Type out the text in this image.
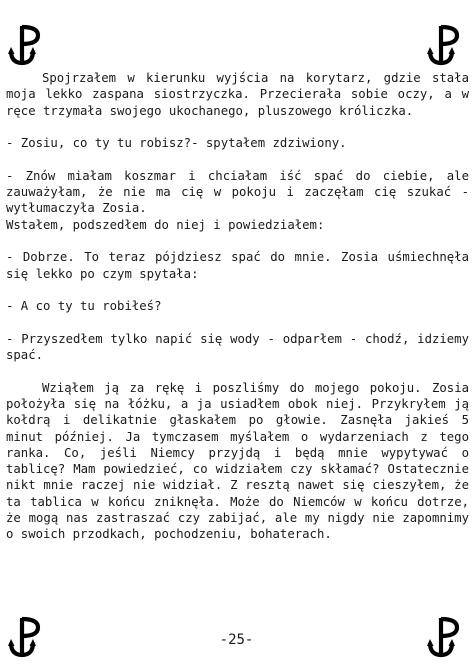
Spojrzałem w kierunku wyjścia na korytarz, gdzie stała moja lekko zaspana siostrzyczka. Przecierała sobie oczy, a w ręce trzymała swojego ukochanego, pluszowego króliczka.

- Zosiu, co ty tu robisz?- spytałem zdziwiony.

- Znów miałam koszmar i chciałam iść spać do ciebie, ale zauważyłam, że nie ma cię w pokoju i zaczęłam cię szukać - wytłumaczyła Zosia.

Wstałem, podszedłem do niej i powiedziałem:

- Dobrze. To teraz pójdziesz spać do mnie. Zosia uśmiechnęła się lekko po czym spytała:

- A co ty tu robiłeś?

- Przyszedłem tylko napić się wody - odparłem - chodź, idziemy spać.

Wziąłem ją za rękę i poszliśmy do mojego pokoju. Zosia położyła się na łóżku, a ja usiadłem obok niej. Przykryłem ją kołdrą i delikatnie głaskałem po głowie. Zasnęła jakieś 5 minut później. Ja tymczasem myślałem o wydarzeniach z tego ranka. Co, jeśli Niemcy przyjdą i będą mnie wypytywać o tablicę? Mam powiedzieć, co widziałem czy skłamać? Ostatecznie nikt mnie raczej nie widział. Z resztą nawet się cieszyłem, że ta tablica w końcu zniknęła. Może do Niemców w końcu dotrze, że mogą nas zastraszać czy zabijać, ale my nigdy nie zapomnimy o swoich przodkach, pochodzeniu, bohaterach.

-25-
